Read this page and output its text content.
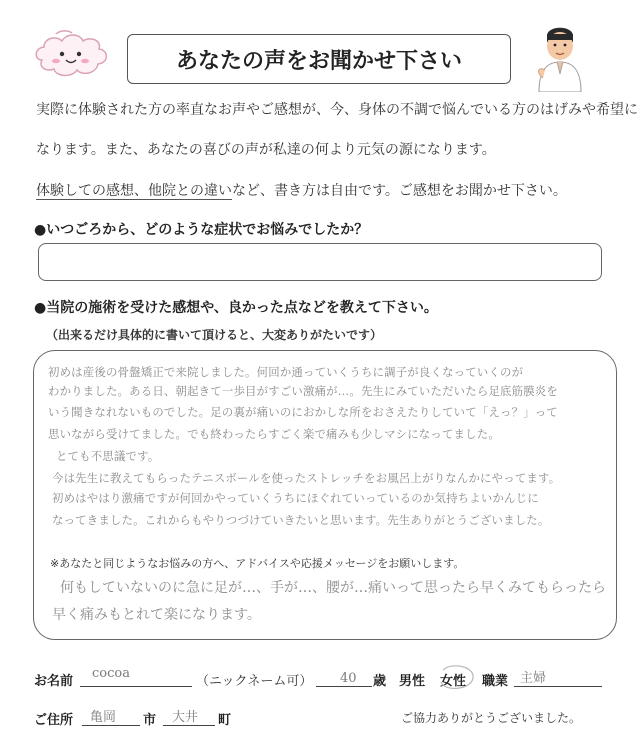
あなたの声をお聞かせ下さい
実際に体験された方の率直なお声やご感想が、今、身体の不調で悩んでいる方のはげみや希望に
なります。また、あなたの喜びの声が私達の何より元気の源になります。
体験しての感想、他院との違いなど、書き方は自由です。ご感想をお聞かせ下さい。
●いつごろから、どのような症状でお悩みでしたか？
●当院の施術を受けた感想や、良かった点などを教えて下さい。
（出来るだけ具体的に書いて頂けると、大変ありがたいです）
初めは産後の骨盤矯正で来院しました。何回か通っていくうちに調子が良くなっていくのが
わかりました。ある日、朝起きて一歩目がすごい激痛が…。先生にみていただいたら足底筋膜炎を
いう聞きなれないものでした。足の裏が痛いのにおかしな所をおさえたりしていて「えっ？」って
思いながら受けてました。でも終わったらすごく楽で痛みも少しマシになってました。
とても不思議です。
今は先生に教えてもらったテニスボールを使ったストレッチをお風呂上がりなんかにやってます。
初めはやはり激痛ですが何回かやっていくうちにほぐれていっているのか気持ちよいかんじに
なってきました。これからもやりつづけていきたいと思います。先生ありがとうございました。
※あなたと同じようなお悩みの方へ、アドバイスや応援メッセージをお願いします。
何もしていないのに急に足が…、手が…、腰が…痛いって思ったら早くみてもらったら
早く痛みもとれて楽になります。
お名前
cocoa
（ニックネーム可） 40 歳 男性 女性 職業 主婦
ご住所 亀岡 市 大井 町	ご協力ありがとうございました。
